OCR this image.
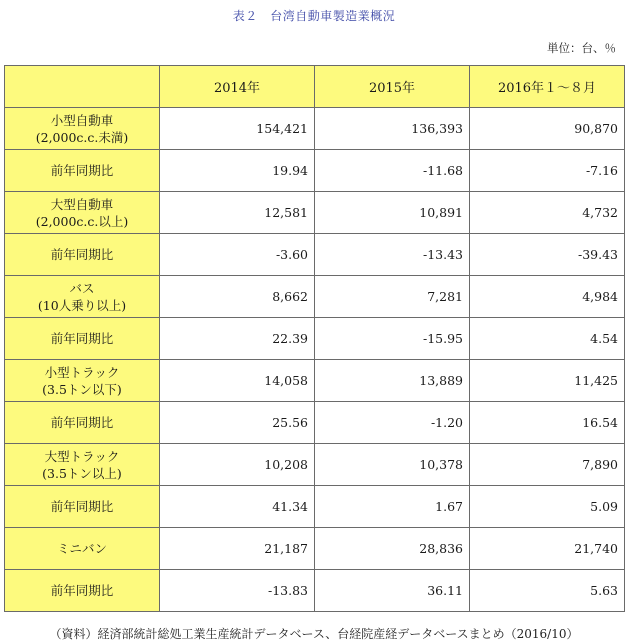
表２　台湾自動車製造業概況
単位：台、％
	2014年	2015年	2016年１～８月

小型自動車
(2,000c.c.未満)	154,421	136,393	90,870

前年同期比	19.94	-11.68	-7.16

大型自動車
(2,000c.c.以上)	12,581	10,891	4,732

前年同期比	-3.60	-13.43	-39.43

バス
(10人乗り以上)	8,662	7,281	4,984

前年同期比	22.39	-15.95	4.54

小型トラック
(3.5トン以下)	14,058	13,889	11,425

前年同期比	25.56	-1.20	16.54

大型トラック
(3.5トン以上)	10,208	10,378	7,890

前年同期比	41.34	1.67	5.09

ミニバン	21,187	28,836	21,740

前年同期比	-13.83	36.11	5.63
（資料）経済部統計総処工業生産統計データベース、台経院産経データベースまとめ（2016/10）
